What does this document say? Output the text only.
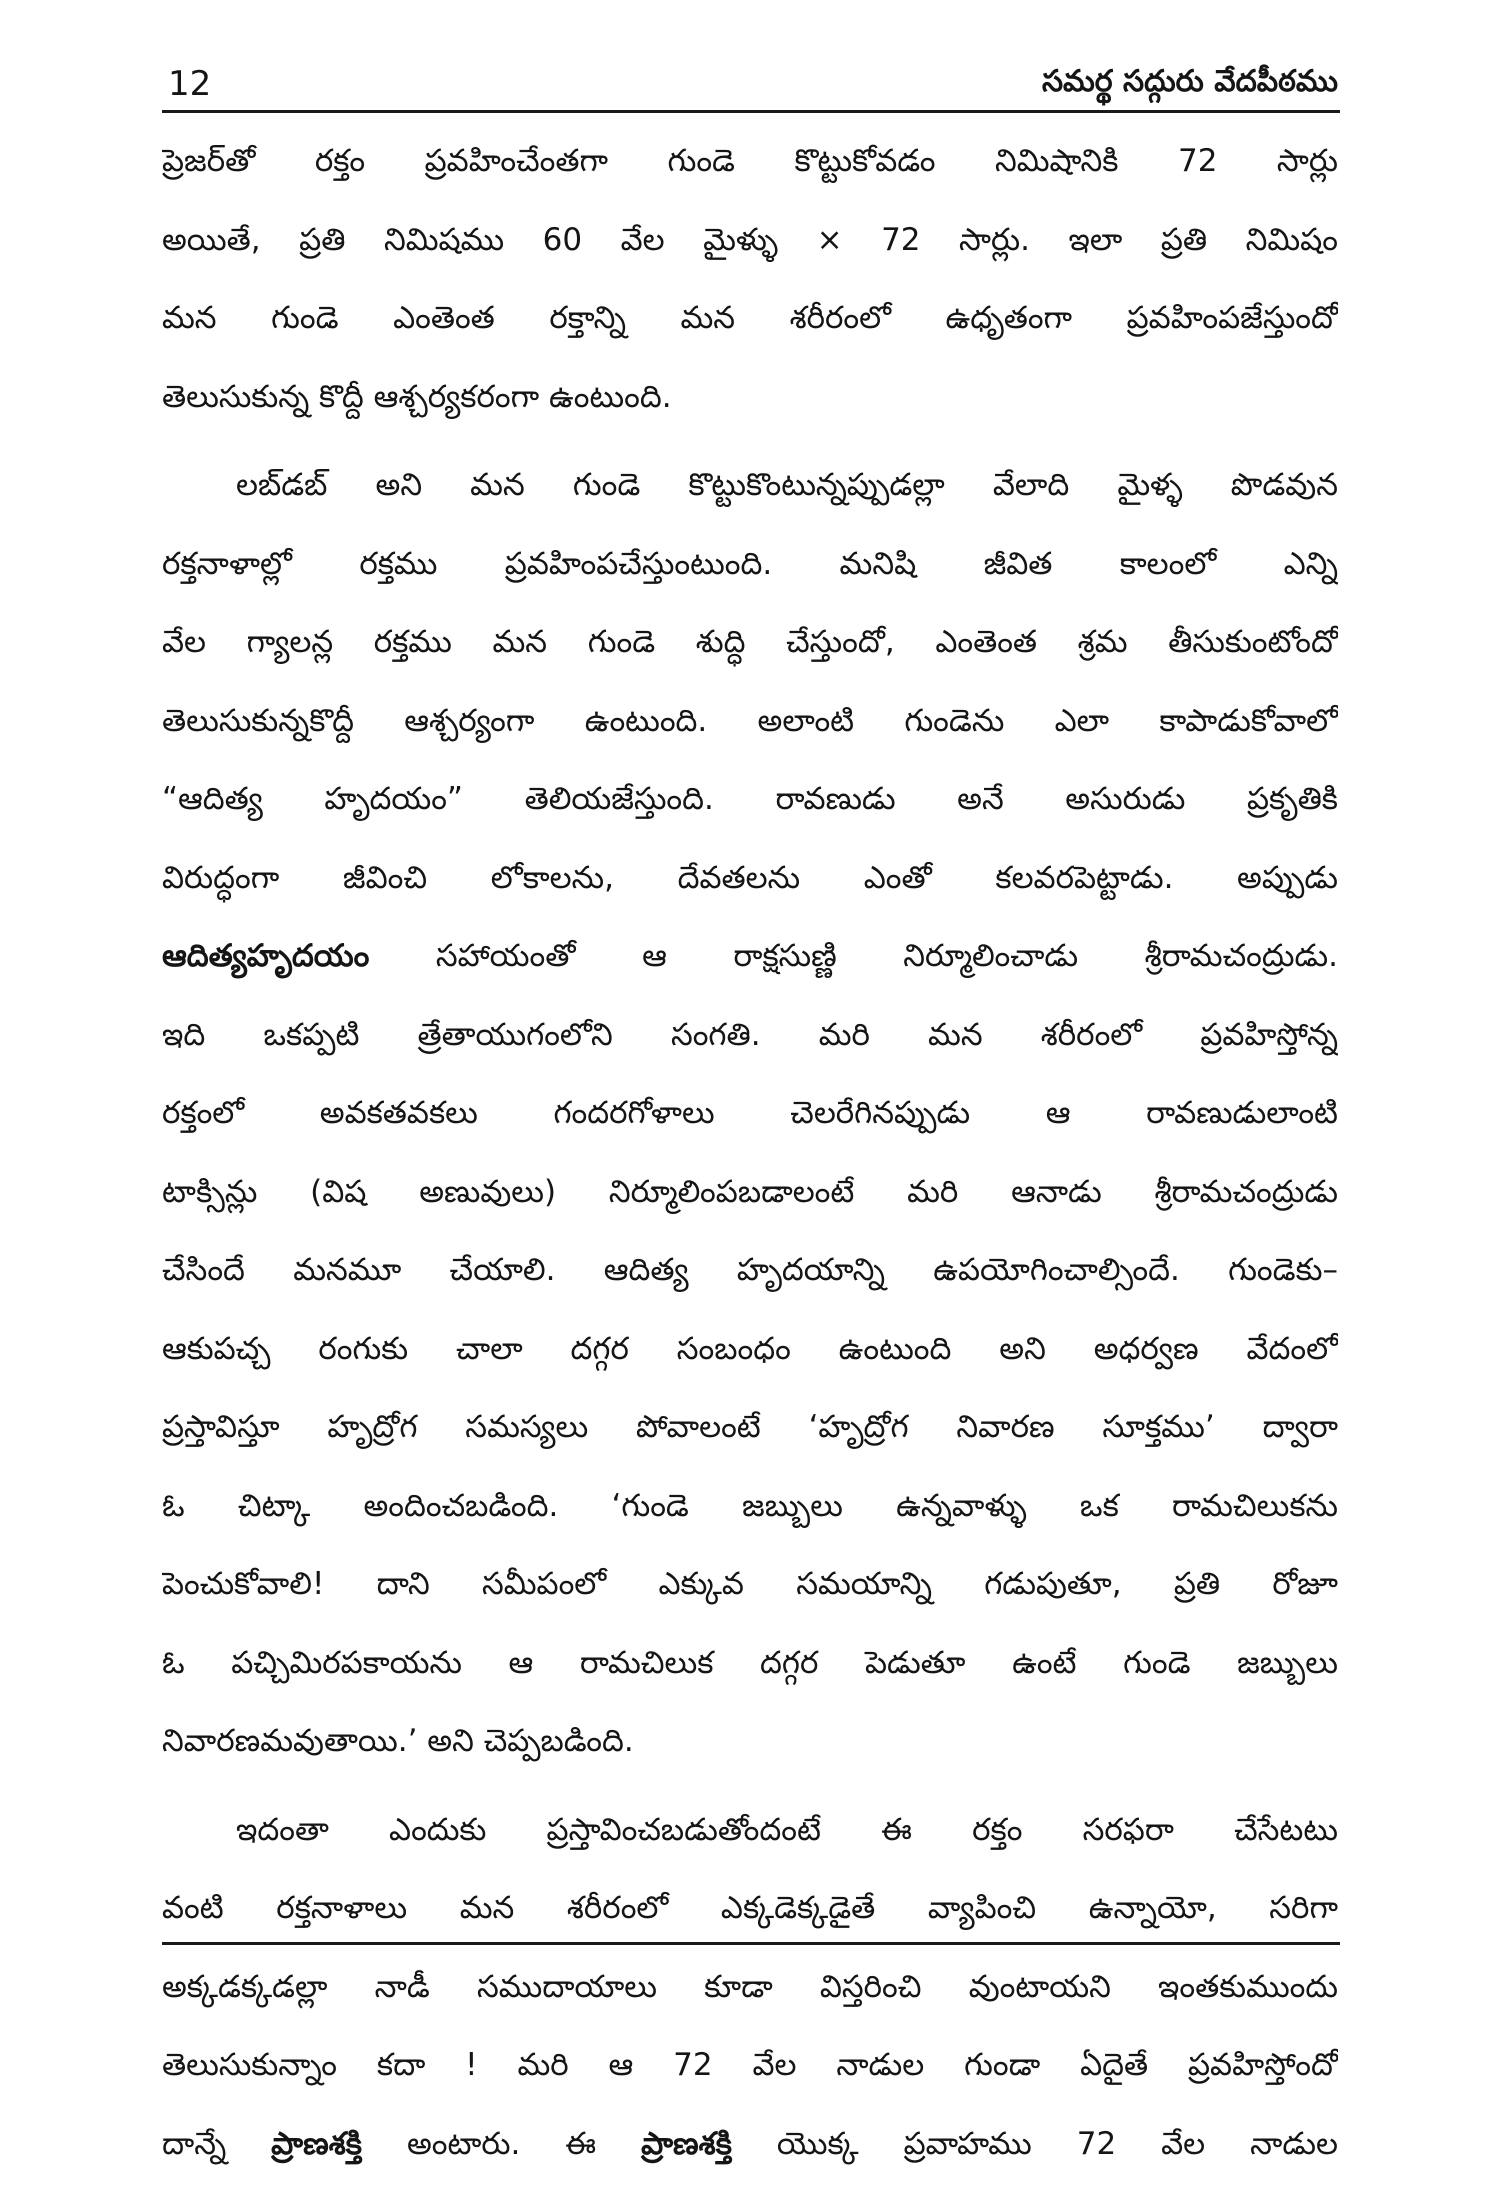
12	సమర్థ సద్గురు వేదపీఠము
ప్రెజర్‌తో రక్తం ప్రవహించేంతగా గుండె కొట్టుకోవడం నిమిషానికి 72 సార్లు
అయితే, ప్రతి నిమిషము 60 వేల మైళ్ళు × 72 సార్లు. ఇలా ప్రతి నిమిషం
మన గుండె ఎంతెంత రక్తాన్ని మన శరీరంలో ఉధృతంగా ప్రవహింపజేస్తుందో
తెలుసుకున్న కొద్దీ ఆశ్చర్యకరంగా ఉంటుంది.
లబ్‌డబ్ అని మన గుండె కొట్టుకొంటున్నప్పుడల్లా వేలాది మైళ్ళ పొడవున
రక్తనాళాల్లో రక్తము ప్రవహింపచేస్తుంటుంది. మనిషి జీవిత కాలంలో ఎన్ని
వేల గ్యాలన్ల రక్తము మన గుండె శుద్ధి చేస్తుందో, ఎంతెంత శ్రమ తీసుకుంటోందో
తెలుసుకున్నకొద్దీ ఆశ్చర్యంగా ఉంటుంది. అలాంటి గుండెను ఎలా కాపాడుకోవాలో
“ఆదిత్య హృదయం” తెలియజేస్తుంది. రావణుడు అనే అసురుడు ప్రకృతికి
విరుద్ధంగా జీవించి లోకాలను, దేవతలను ఎంతో కలవరపెట్టాడు. అప్పుడు
ఆదిత్యహృదయం సహాయంతో ఆ రాక్షసుణ్ణి నిర్మూలించాడు శ్రీరామచంద్రుడు.
ఇది ఒకప్పటి త్రేతాయుగంలోని సంగతి. మరి మన శరీరంలో ప్రవహిస్తోన్న
రక్తంలో అవకతవకలు గందరగోళాలు చెలరేగినప్పుడు ఆ రావణుడులాంటి
టాక్సిన్లు (విష అణువులు) నిర్మూలింపబడాలంటే మరి ఆనాడు శ్రీరామచంద్రుడు
చేసిందే మనమూ చేయాలి. ఆదిత్య హృదయాన్ని ఉపయోగించాల్సిందే. గుండెకు–
ఆకుపచ్చ రంగుకు చాలా దగ్గర సంబంధం ఉంటుంది అని అధర్వణ వేదంలో
ప్రస్తావిస్తూ హృద్రోగ సమస్యలు పోవాలంటే ‘హృద్రోగ నివారణ సూక్తము’ ద్వారా
ఓ చిట్కా అందించబడింది. ‘గుండె జబ్బులు ఉన్నవాళ్ళు ఒక రామచిలుకను
పెంచుకోవాలి! దాని సమీపంలో ఎక్కువ సమయాన్ని గడుపుతూ, ప్రతి రోజూ
ఓ పచ్చిమిరపకాయను ఆ రామచిలుక దగ్గర పెడుతూ ఉంటే గుండె జబ్బులు
నివారణమవుతాయి.’ అని చెప్పబడింది.
ఇదంతా ఎందుకు ప్రస్తావించబడుతోందంటే ఈ రక్తం సరఫరా చేసేటటు
వంటి రక్తనాళాలు మన శరీరంలో ఎక్కడెక్కడైతే వ్యాపించి ఉన్నాయో, సరిగా
అక్కడక్కడల్లా నాడీ సముదాయాలు కూడా విస్తరించి వుంటాయని ఇంతకుముందు
తెలుసుకున్నాం కదా ! మరి ఆ 72 వేల నాడుల గుండా ఏదైతే ప్రవహిస్తోందో
దాన్నే ప్రాణశక్తి అంటారు. ఈ ప్రాణశక్తి యొక్క ప్రవాహము 72 వేల నాడుల
